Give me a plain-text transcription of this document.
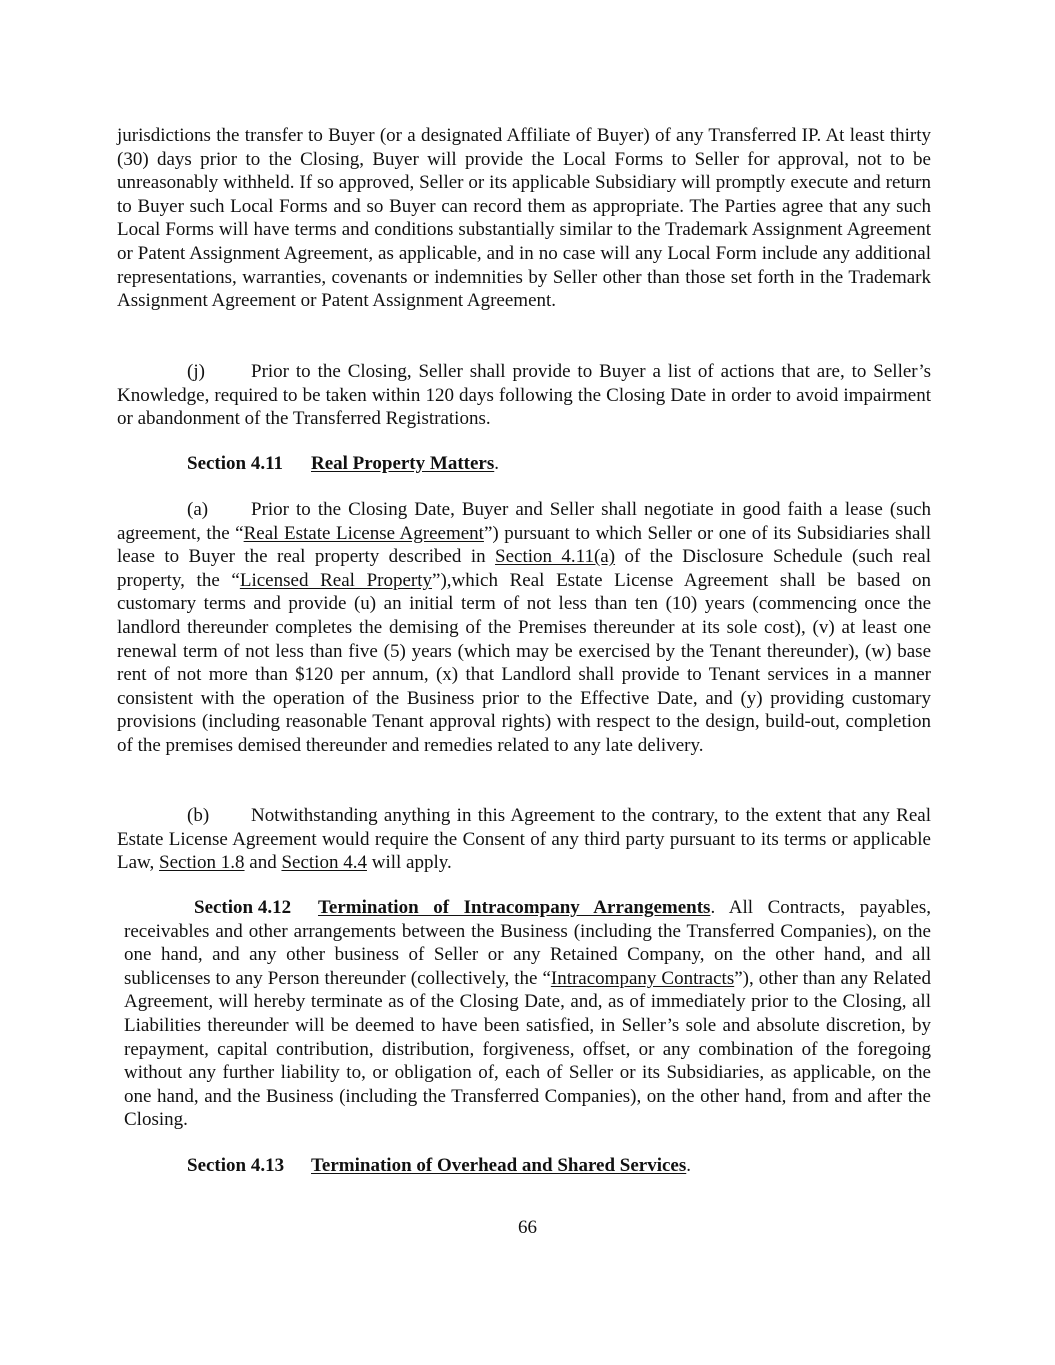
jurisdictions the transfer to Buyer (or a designated Affiliate of Buyer) of any Transferred IP. At least thirty (30) days prior to the Closing, Buyer will provide the Local Forms to Seller for approval, not to be unreasonably withheld. If so approved, Seller or its applicable Subsidiary will promptly execute and return to Buyer such Local Forms and so Buyer can record them as appropriate. The Parties agree that any such Local Forms will have terms and conditions substantially similar to the Trademark Assignment Agreement or Patent Assignment Agreement, as applicable, and in no case will any Local Form include any additional representations, warranties, covenants or indemnities by Seller other than those set forth in the Trademark Assignment Agreement or Patent Assignment Agreement.

(j) Prior to the Closing, Seller shall provide to Buyer a list of actions that are, to Seller’s Knowledge, required to be taken within 120 days following the Closing Date in order to avoid impairment or abandonment of the Transferred Registrations.

Section 4.11 Real Property Matters.

(a) Prior to the Closing Date, Buyer and Seller shall negotiate in good faith a lease (such agreement, the “Real Estate License Agreement”) pursuant to which Seller or one of its Subsidiaries shall lease to Buyer the real property described in Section 4.11(a) of the Disclosure Schedule (such real property, the “Licensed Real Property”),which Real Estate License Agreement shall be based on customary terms and provide (u) an initial term of not less than ten (10) years (commencing once the landlord thereunder completes the demising of the Premises thereunder at its sole cost), (v) at least one renewal term of not less than five (5) years (which may be exercised by the Tenant thereunder), (w) base rent of not more than $120 per annum, (x) that Landlord shall provide to Tenant services in a manner consistent with the operation of the Business prior to the Effective Date, and (y) providing customary provisions (including reasonable Tenant approval rights) with respect to the design, build-out, completion of the premises demised thereunder and remedies related to any late delivery.

(b) Notwithstanding anything in this Agreement to the contrary, to the extent that any Real Estate License Agreement would require the Consent of any third party pursuant to its terms or applicable Law, Section 1.8 and Section 4.4 will apply.

Section 4.12 Termination of Intracompany Arrangements. All Contracts, payables, receivables and other arrangements between the Business (including the Transferred Companies), on the one hand, and any other business of Seller or any Retained Company, on the other hand, and all sublicenses to any Person thereunder (collectively, the “Intracompany Contracts”), other than any Related Agreement, will hereby terminate as of the Closing Date, and, as of immediately prior to the Closing, all Liabilities thereunder will be deemed to have been satisfied, in Seller’s sole and absolute discretion, by repayment, capital contribution, distribution, forgiveness, offset, or any combination of the foregoing without any further liability to, or obligation of, each of Seller or its Subsidiaries, as applicable, on the one hand, and the Business (including the Transferred Companies), on the other hand, from and after the Closing.

Section 4.13 Termination of Overhead and Shared Services.

66
